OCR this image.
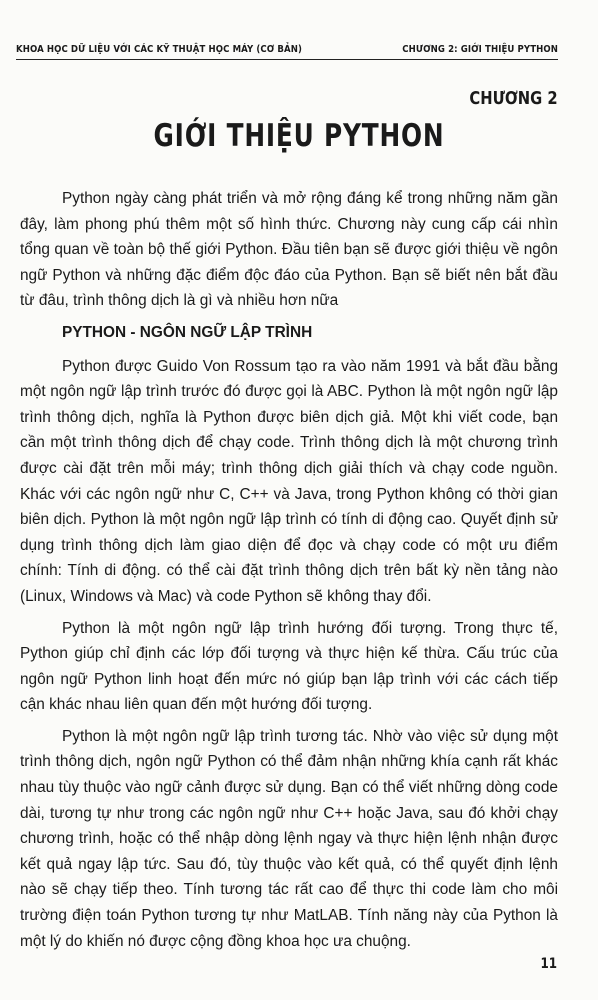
KHOA HỌC DỮ LIỆU VỚI CÁC KỸ THUẬT HỌC MÁY (CƠ BẢN)	CHƯƠNG 2: GIỚI THIỆU PYTHON
CHƯƠNG 2
GIỚI THIỆU PYTHON

Python ngày càng phát triển và mở rộng đáng kể trong những năm gần đây, làm phong phú thêm một số hình thức. Chương này cung cấp cái nhìn tổng quan về toàn bộ thế giới Python. Đầu tiên bạn sẽ được giới thiệu về ngôn ngữ Python và những đặc điểm độc đáo của Python. Bạn sẽ biết nên bắt đầu từ đâu, trình thông dịch là gì và nhiều hơn nữa

PYTHON - NGÔN NGỮ LẬP TRÌNH

Python được Guido Von Rossum tạo ra vào năm 1991 và bắt đầu bằng một ngôn ngữ lập trình trước đó được gọi là ABC. Python là một ngôn ngữ lập trình thông dịch, nghĩa là Python được biên dịch giả. Một khi viết code, bạn cần một trình thông dịch để chạy code. Trình thông dịch là một chương trình được cài đặt trên mỗi máy; trình thông dịch giải thích và chạy code nguồn. Khác với các ngôn ngữ như C, C++ và Java, trong Python không có thời gian biên dịch. Python là một ngôn ngữ lập trình có tính di động cao. Quyết định sử dụng trình thông dịch làm giao diện để đọc và chạy code có một ưu điểm chính: Tính di động. có thể cài đặt trình thông dịch trên bất kỳ nền tảng nào (Linux, Windows và Mac) và code Python sẽ không thay đổi.

Python là một ngôn ngữ lập trình hướng đối tượng. Trong thực tế, Python giúp chỉ định các lớp đối tượng và thực hiện kế thừa. Cấu trúc của ngôn ngữ Python linh hoạt đến mức nó giúp bạn lập trình với các cách tiếp cận khác nhau liên quan đến một hướng đối tượng.

Python là một ngôn ngữ lập trình tương tác. Nhờ vào việc sử dụng một trình thông dịch, ngôn ngữ Python có thể đảm nhận những khía cạnh rất khác nhau tùy thuộc vào ngữ cảnh được sử dụng. Bạn có thể viết những dòng code dài, tương tự như trong các ngôn ngữ như C++ hoặc Java, sau đó khởi chạy chương trình, hoặc có thể nhập dòng lệnh ngay và thực hiện lệnh nhận được kết quả ngay lập tức. Sau đó, tùy thuộc vào kết quả, có thể quyết định lệnh nào sẽ chạy tiếp theo. Tính tương tác rất cao để thực thi code làm cho môi trường điện toán Python tương tự như MatLAB. Tính năng này của Python là một lý do khiến nó được cộng đồng khoa học ưa chuộng.

11
